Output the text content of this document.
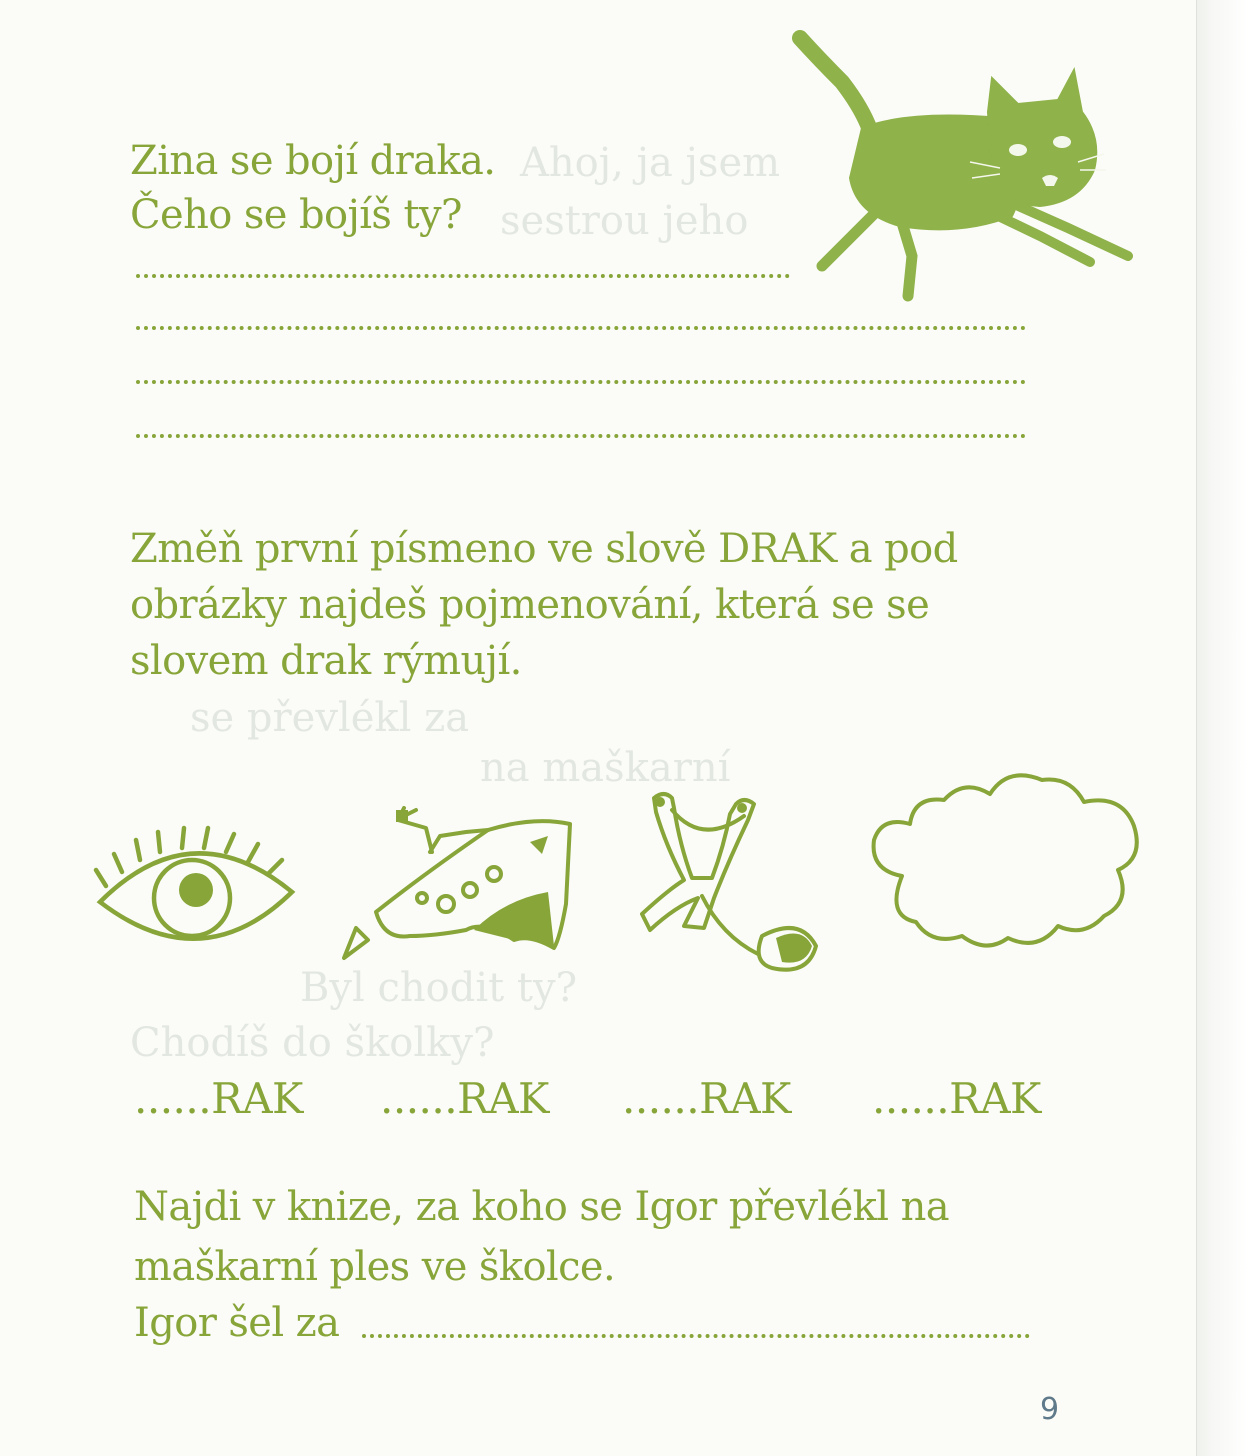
Ahoj, ja jsem
sestrou jeho
se převlékl za
na maškarní
Byl chodit ty?
Chodíš do školky?
Zina se bojí draka.
Čeho se bojíš ty?
Změň první písmeno ve slově DRAK a pod
obrázky najdeš pojmenování, která se se
slovem drak rýmují.
......RAK ......RAK ......RAK ......RAK
Najdi v knize, za koho se Igor převlékl na
maškarní ples ve školce.
Igor šel za
9
